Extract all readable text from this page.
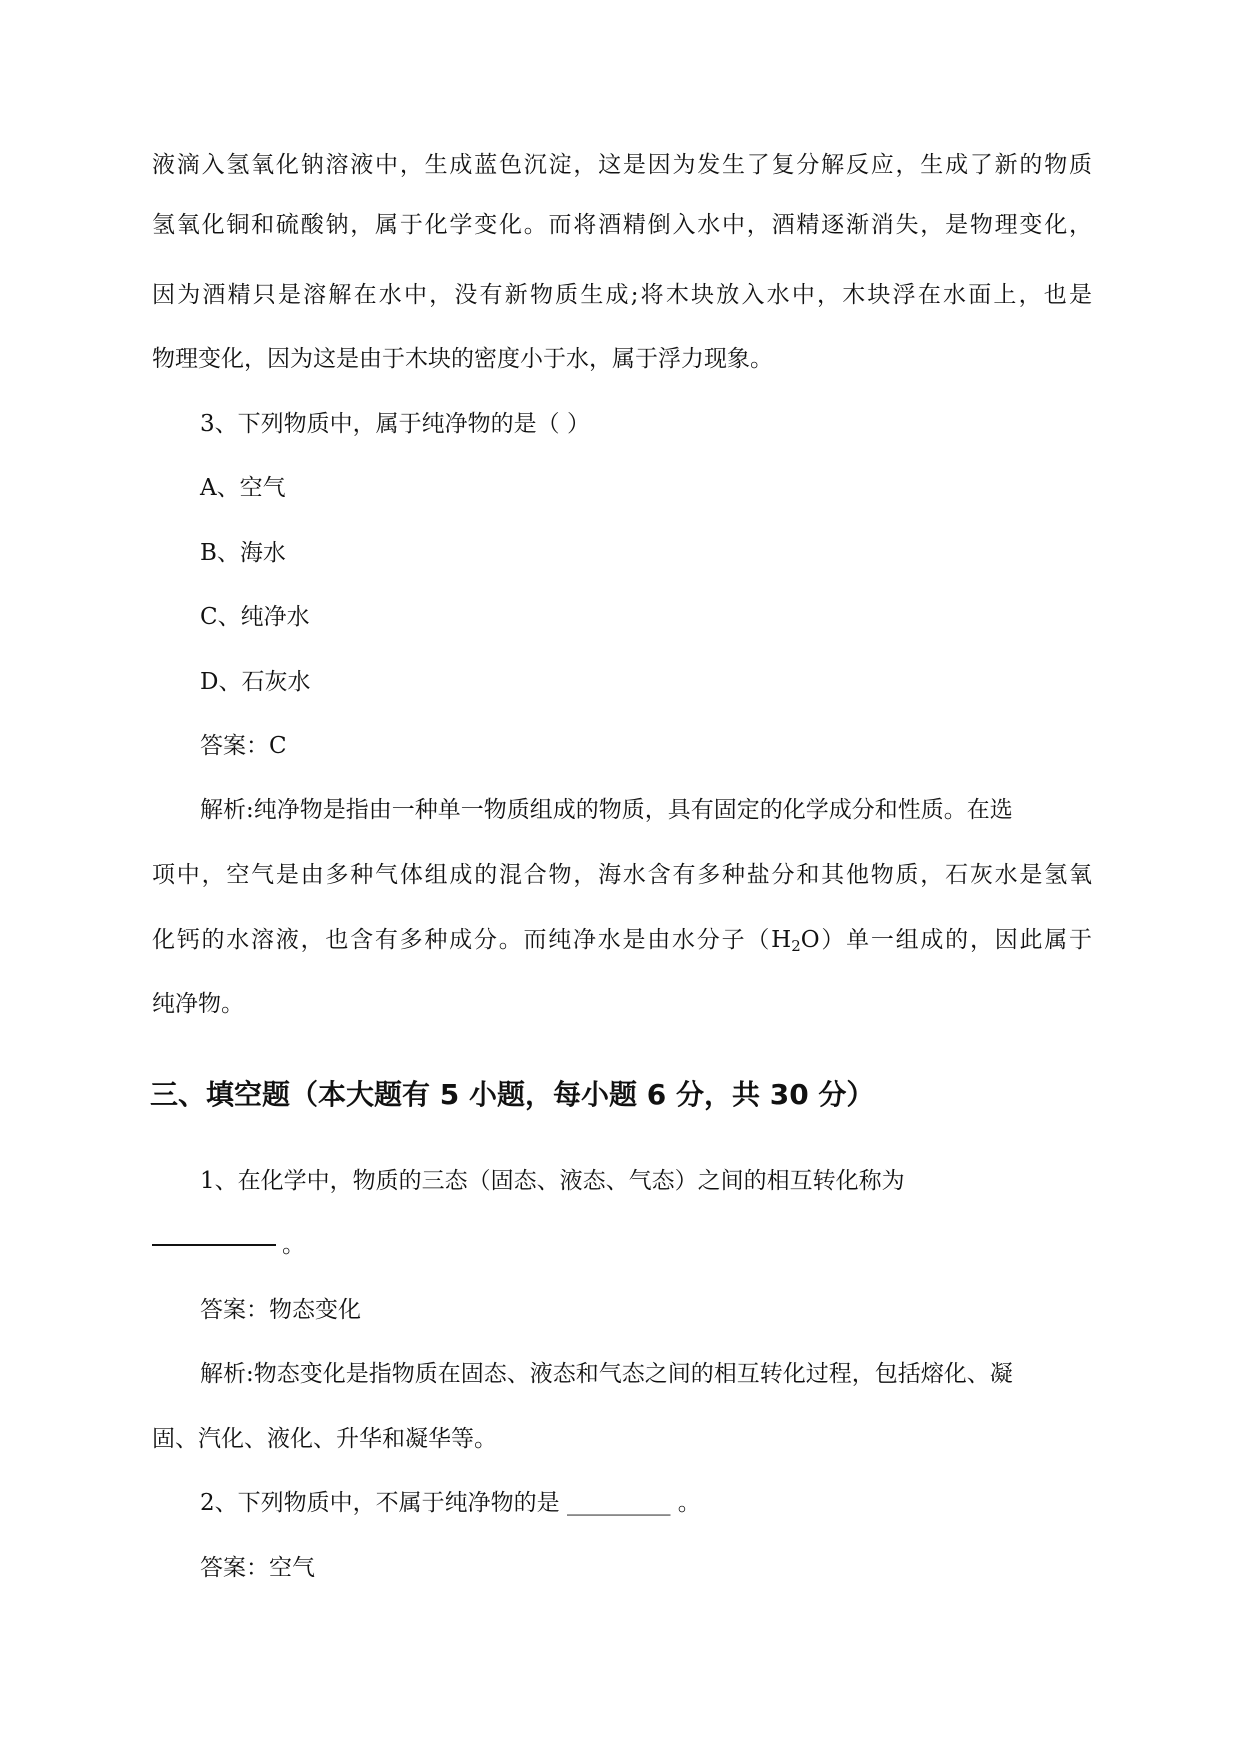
液滴入氢氧化钠溶液中，生成蓝色沉淀，这是因为发生了复分解反应，生成了新的物质
氢氧化铜和硫酸钠，属于化学变化。而将酒精倒入水中，酒精逐渐消失，是物理变化，
因为酒精只是溶解在水中，没有新物质生成;将木块放入水中，木块浮在水面上，也是
物理变化，因为这是由于木块的密度小于水，属于浮力现象。
3、下列物质中，属于纯净物的是（ ）
A、空气
B、海水
C、纯净水
D、石灰水
答案：C
解析:纯净物是指由一种单一物质组成的物质，具有固定的化学成分和性质。在选
项中，空气是由多种气体组成的混合物，海水含有多种盐分和其他物质，石灰水是氢氧
化钙的水溶液，也含有多种成分。而纯净水是由水分子$(H_2O)$单一组成的，因此属于
纯净物。
三、填空题（本大题有 5 小题，每小题 6 分，共 30 分）
1、在化学中，物质的三态（固态、液态、气态）之间的相互转化称为
。
答案：物态变化
解析:物态变化是指物质在固态、液态和气态之间的相互转化过程，包括熔化、凝
固、汽化、液化、升华和凝华等。
2、下列物质中，不属于纯净物的是 _________ 。
答案：空气
